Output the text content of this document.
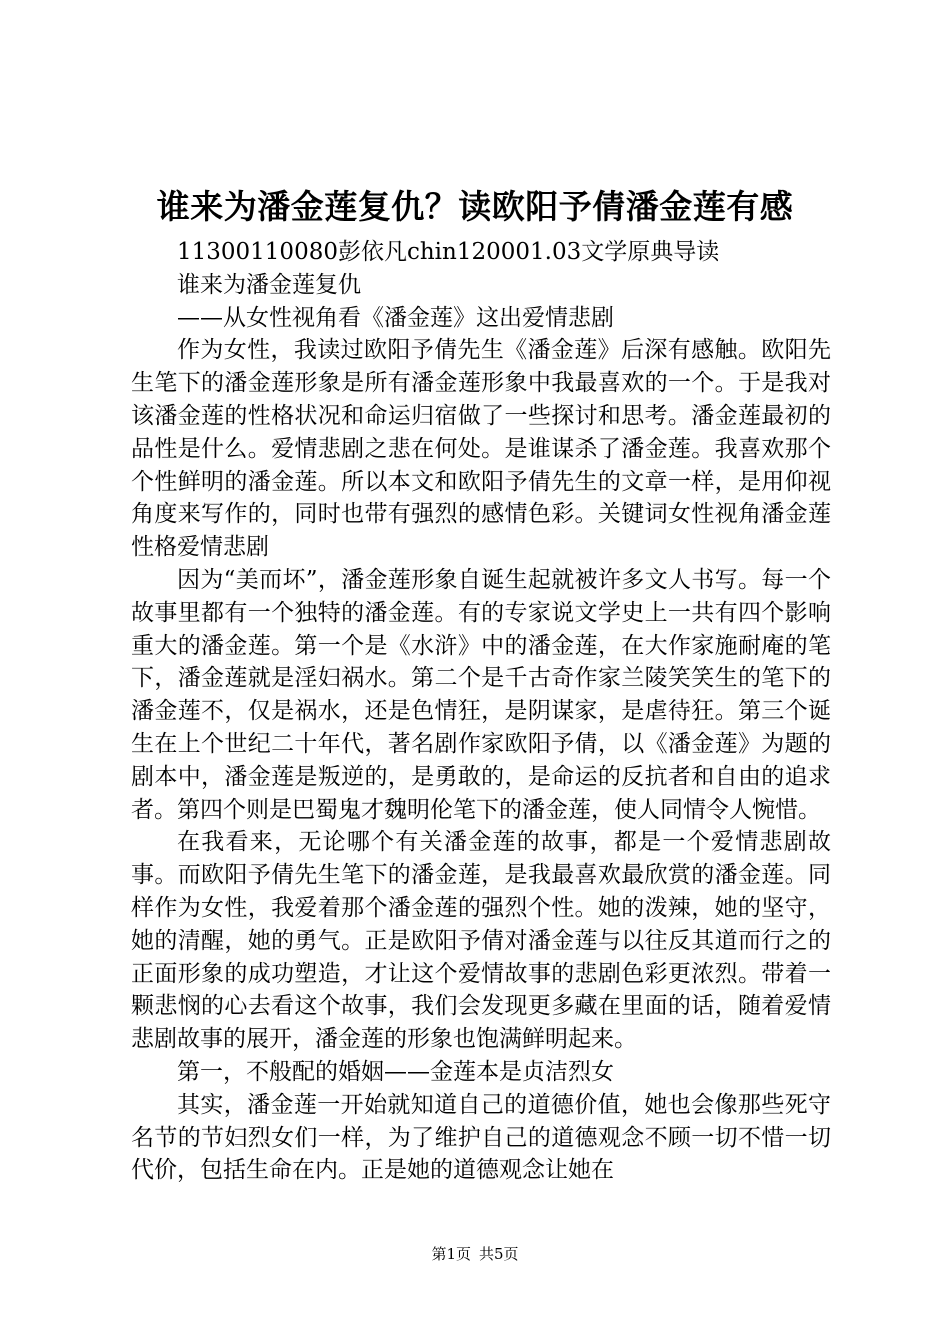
谁来为潘金莲复仇？读欧阳予倩潘金莲有感

11300110080彭依凡chin120001.03文学原典导读

谁来为潘金莲复仇

——从女性视角看《潘金莲》这出爱情悲剧

作为女性，我读过欧阳予倩先生《潘金莲》后深有感触。欧阳先生笔下的潘金莲形象是所有潘金莲形象中我最喜欢的一个。于是我对该潘金莲的性格状况和命运归宿做了一些探讨和思考。潘金莲最初的品性是什么。爱情悲剧之悲在何处。是谁谋杀了潘金莲。我喜欢那个个性鲜明的潘金莲。所以本文和欧阳予倩先生的文章一样，是用仰视角度来写作的，同时也带有强烈的感情色彩。关键词女性视角潘金莲性格爱情悲剧

因为“美而坏”，潘金莲形象自诞生起就被许多文人书写。每一个故事里都有一个独特的潘金莲。有的专家说文学史上一共有四个影响重大的潘金莲。第一个是《水浒》中的潘金莲，在大作家施耐庵的笔下，潘金莲就是淫妇祸水。第二个是千古奇作家兰陵笑笑生的笔下的潘金莲不，仅是祸水，还是色情狂，是阴谋家，是虐待狂。第三个诞生在上个世纪二十年代，著名剧作家欧阳予倩，以《潘金莲》为题的剧本中，潘金莲是叛逆的，是勇敢的，是命运的反抗者和自由的追求者。第四个则是巴蜀鬼才魏明伦笔下的潘金莲，使人同情令人惋惜。

在我看来，无论哪个有关潘金莲的故事，都是一个爱情悲剧故事。而欧阳予倩先生笔下的潘金莲，是我最喜欢最欣赏的潘金莲。同样作为女性，我爱着那个潘金莲的强烈个性。她的泼辣，她的坚守，她的清醒，她的勇气。正是欧阳予倩对潘金莲与以往反其道而行之的正面形象的成功塑造，才让这个爱情故事的悲剧色彩更浓烈。带着一颗悲悯的心去看这个故事，我们会发现更多藏在里面的话，随着爱情悲剧故事的展开，潘金莲的形象也饱满鲜明起来。

第一，不般配的婚姻——金莲本是贞洁烈女

其实，潘金莲一开始就知道自己的道德价值，她也会像那些死守名节的节妇烈女们一样，为了维护自己的道德观念不顾一切不惜一切代价，包括生命在内。正是她的道德观念让她在

第1页 共5页
